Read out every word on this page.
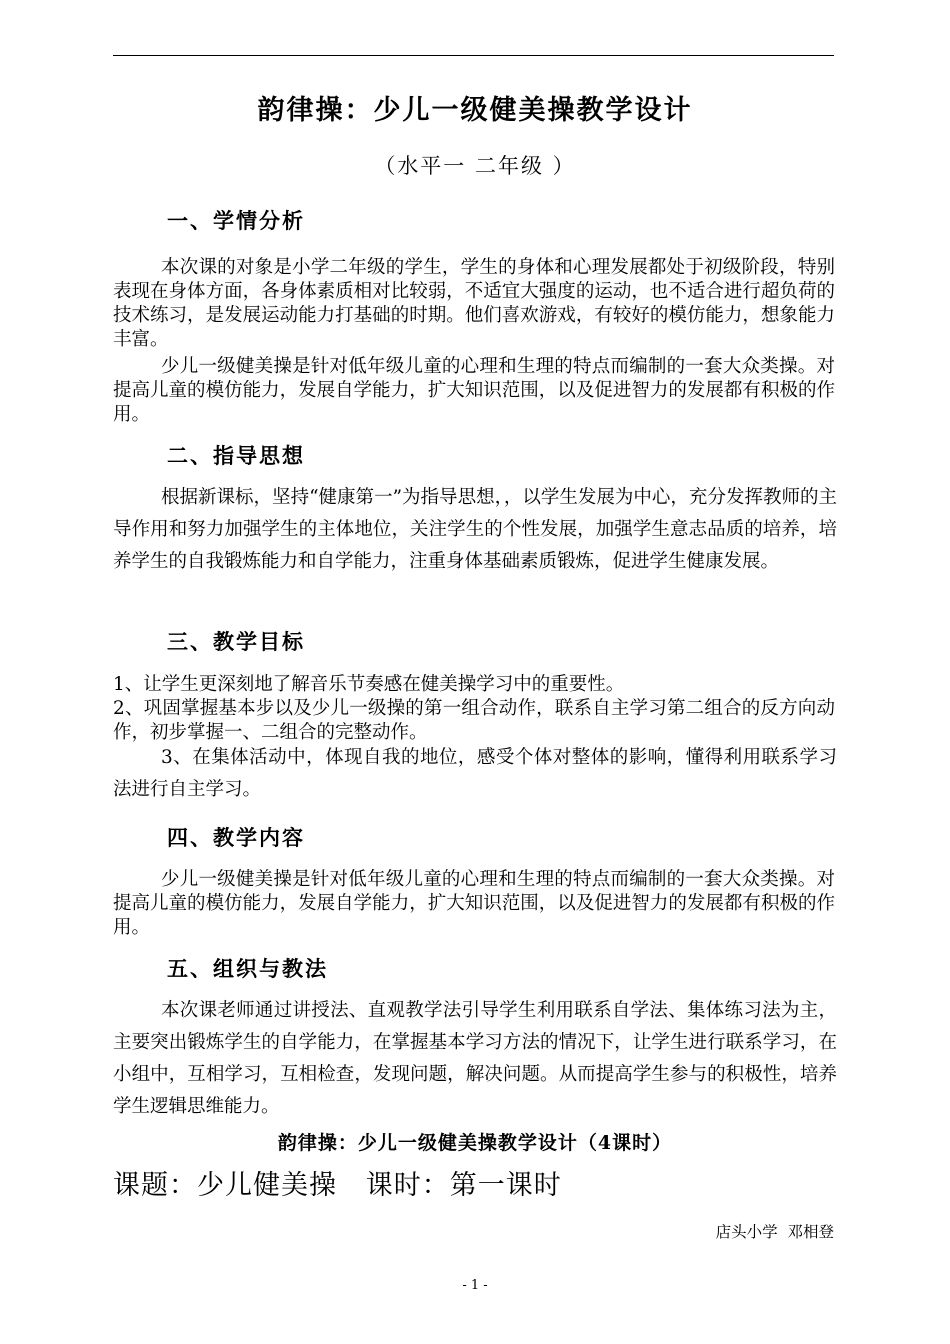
韵律操：少儿一级健美操教学设计
（水平一 二年级 ）
一、学情分析
本次课的对象是小学二年级的学生，学生的身体和心理发展都处于初级阶段，特别表现在身体方面，各身体素质相对比较弱，不适宜大强度的运动，也不适合进行超负荷的技术练习，是发展运动能力打基础的时期。他们喜欢游戏，有较好的模仿能力，想象能力丰富。
少儿一级健美操是针对低年级儿童的心理和生理的特点而编制的一套大众类操。对提高儿童的模仿能力，发展自学能力，扩大知识范围，以及促进智力的发展都有积极的作用。
二、指导思想
根据新课标，坚持“健康第一”为指导思想，，以学生发展为中心，充分发挥教师的主导作用和努力加强学生的主体地位，关注学生的个性发展，加强学生意志品质的培养，培养学生的自我锻炼能力和自学能力，注重身体基础素质锻炼，促进学生健康发展。
三、教学目标
1、让学生更深刻地了解音乐节奏感在健美操学习中的重要性。
2、巩固掌握基本步以及少儿一级操的第一组合动作，联系自主学习第二组合的反方向动作，初步掌握一、二组合的完整动作。
3、在集体活动中，体现自我的地位，感受个体对整体的影响，懂得利用联系学习法进行自主学习。
四、教学内容
少儿一级健美操是针对低年级儿童的心理和生理的特点而编制的一套大众类操。对提高儿童的模仿能力，发展自学能力，扩大知识范围，以及促进智力的发展都有积极的作用。
五、组织与教法
本次课老师通过讲授法、直观教学法引导学生利用联系自学法、集体练习法为主，主要突出锻炼学生的自学能力，在掌握基本学习方法的情况下，让学生进行联系学习，在小组中，互相学习，互相检查，发现问题，解决问题。从而提高学生参与的积极性，培养学生逻辑思维能力。
韵律操：少儿一级健美操教学设计（4课时）
课题：少儿健美操   课时：第一课时
店头小学  邓相登
- 1 -
